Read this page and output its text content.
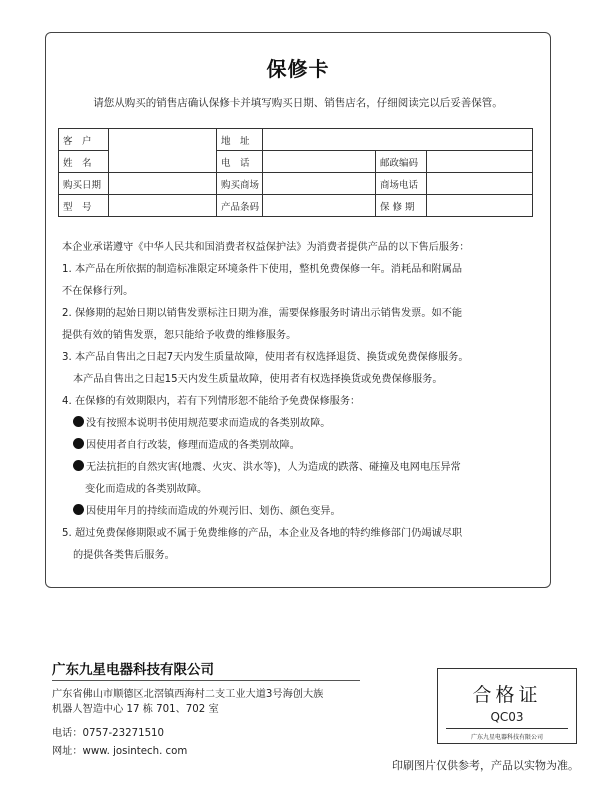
保修卡
请您从购买的销售店确认保修卡并填写购买日期、销售店名，仔细阅读完以后妥善保管。
客　户		地　址			
姓　名		电　话		邮政编码	
购买日期		购买商场		商场电话	
型　号		产品条码		保 修 期	
本企业承诺遵守《中华人民共和国消费者权益保护法》为消费者提供产品的以下售后服务：
1. 本产品在所依据的制造标准限定环境条件下使用，整机免费保修一年。消耗品和附属品
不在保修行列。
2. 保修期的起始日期以销售发票标注日期为准，需要保修服务时请出示销售发票。如不能
提供有效的销售发票，恕只能给予收费的维修服务。
3. 本产品自售出之日起7天内发生质量故障，使用者有权选择退货、换货或免费保修服务。
本产品自售出之日起15天内发生质量故障，使用者有权选择换货或免费保修服务。
4. 在保修的有效期限内，若有下列情形恕不能给予免费保修服务：
没有按照本说明书使用规范要求而造成的各类别故障。
因使用者自行改装，修理而造成的各类别故障。
无法抗拒的自然灾害(地震、火灾、洪水等)，人为造成的跌落、碰撞及电网电压异常
变化而造成的各类别故障。
因使用年月的持续而造成的外观污旧、划伤、颜色变异。
5. 超过免费保修期限或不属于免费维修的产品，本企业及各地的特约维修部门仍竭诚尽职
的提供各类售后服务。
广东九星电器科技有限公司
广东省佛山市顺德区北滘镇西海村二支工业大道3号海创大族
机器人智造中心 17 栋 701、702 室
电话：0757-23271510
网址：www. josintech. com
合格证
QC03
广东九星电器科技有限公司
印刷图片仅供参考，产品以实物为准。
